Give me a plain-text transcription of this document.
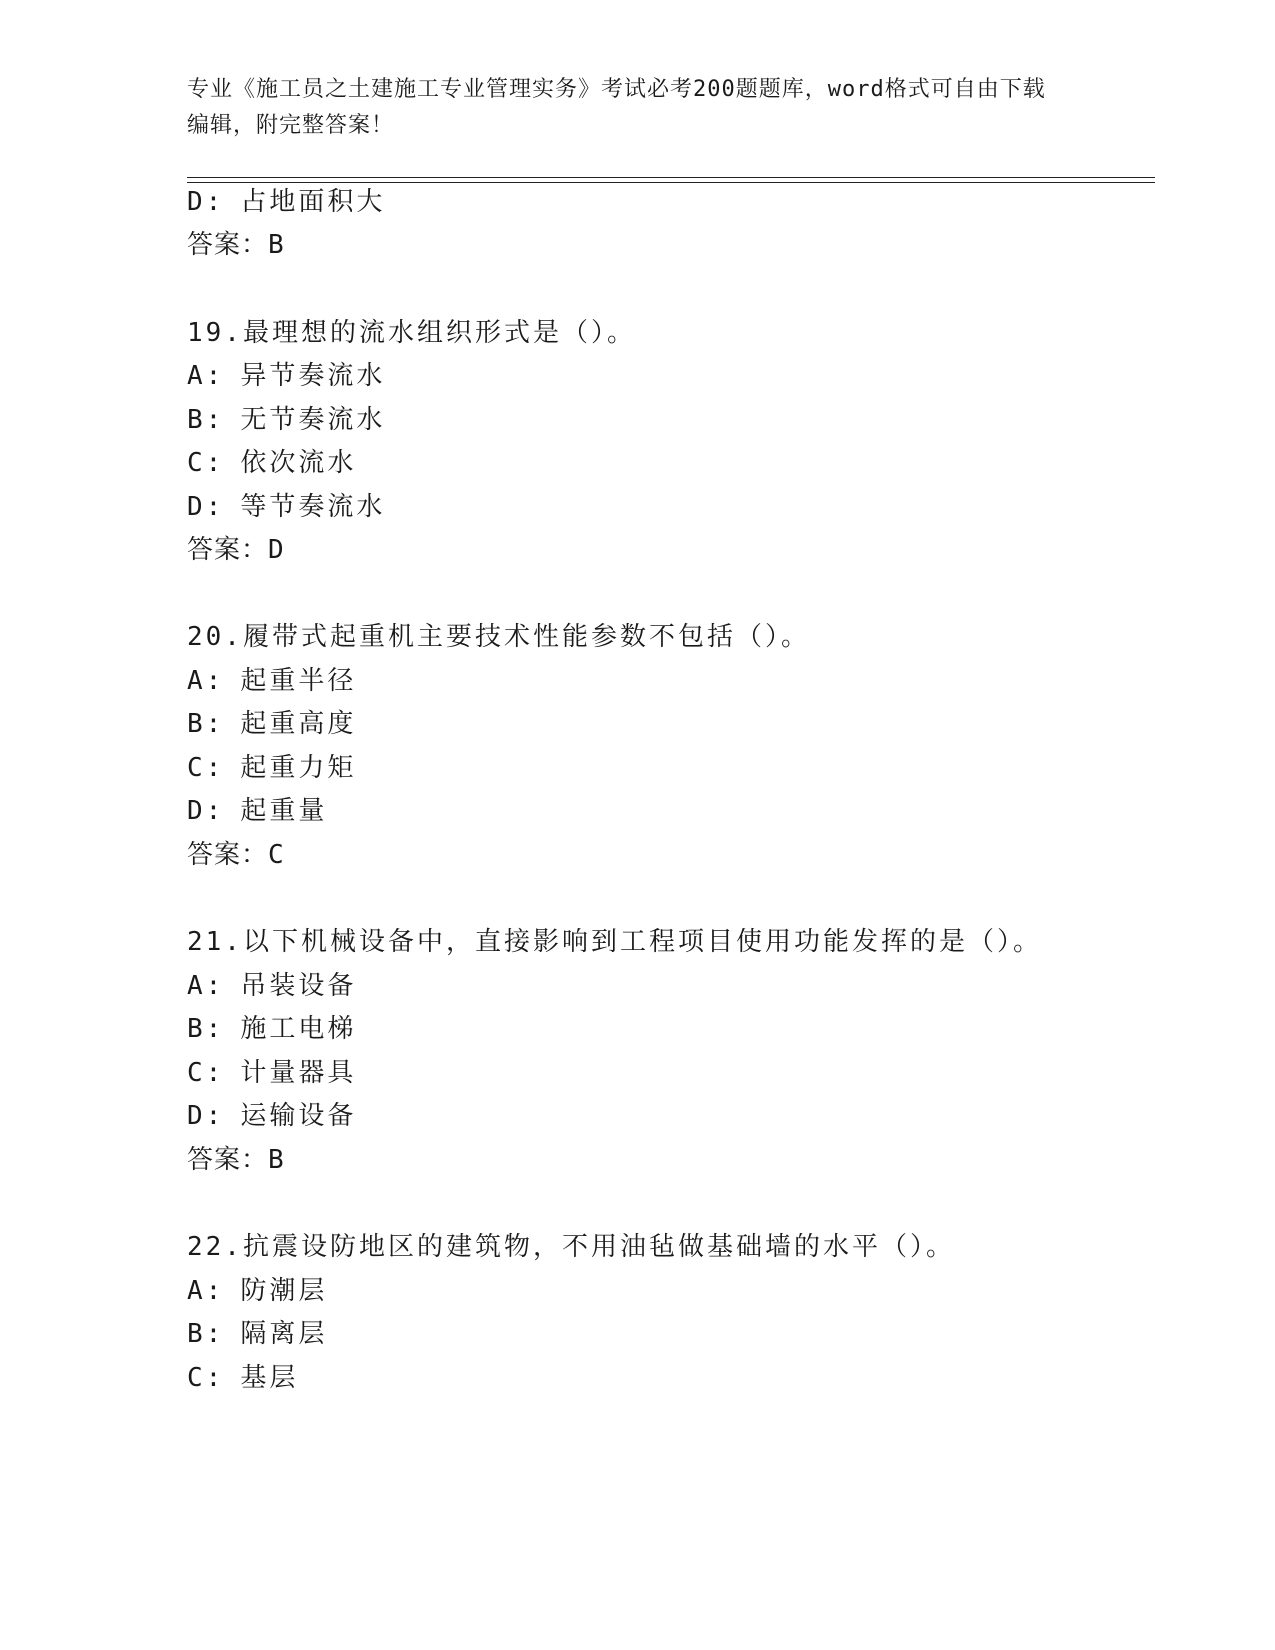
专业《施工员之土建施工专业管理实务》考试必考200题题库，word格式可自由下载编辑，附完整答案！
D: 占地面积大
答案：B
19.最理想的流水组织形式是（）。
A: 异节奏流水
B: 无节奏流水
C: 依次流水
D: 等节奏流水
答案：D
20.履带式起重机主要技术性能参数不包括（）。
A: 起重半径
B: 起重高度
C: 起重力矩
D: 起重量
答案：C
21.以下机械设备中，直接影响到工程项目使用功能发挥的是（）。
A: 吊装设备
B: 施工电梯
C: 计量器具
D: 运输设备
答案：B
22.抗震设防地区的建筑物，不用油毡做基础墙的水平（）。
A: 防潮层
B: 隔离层
C: 基层
